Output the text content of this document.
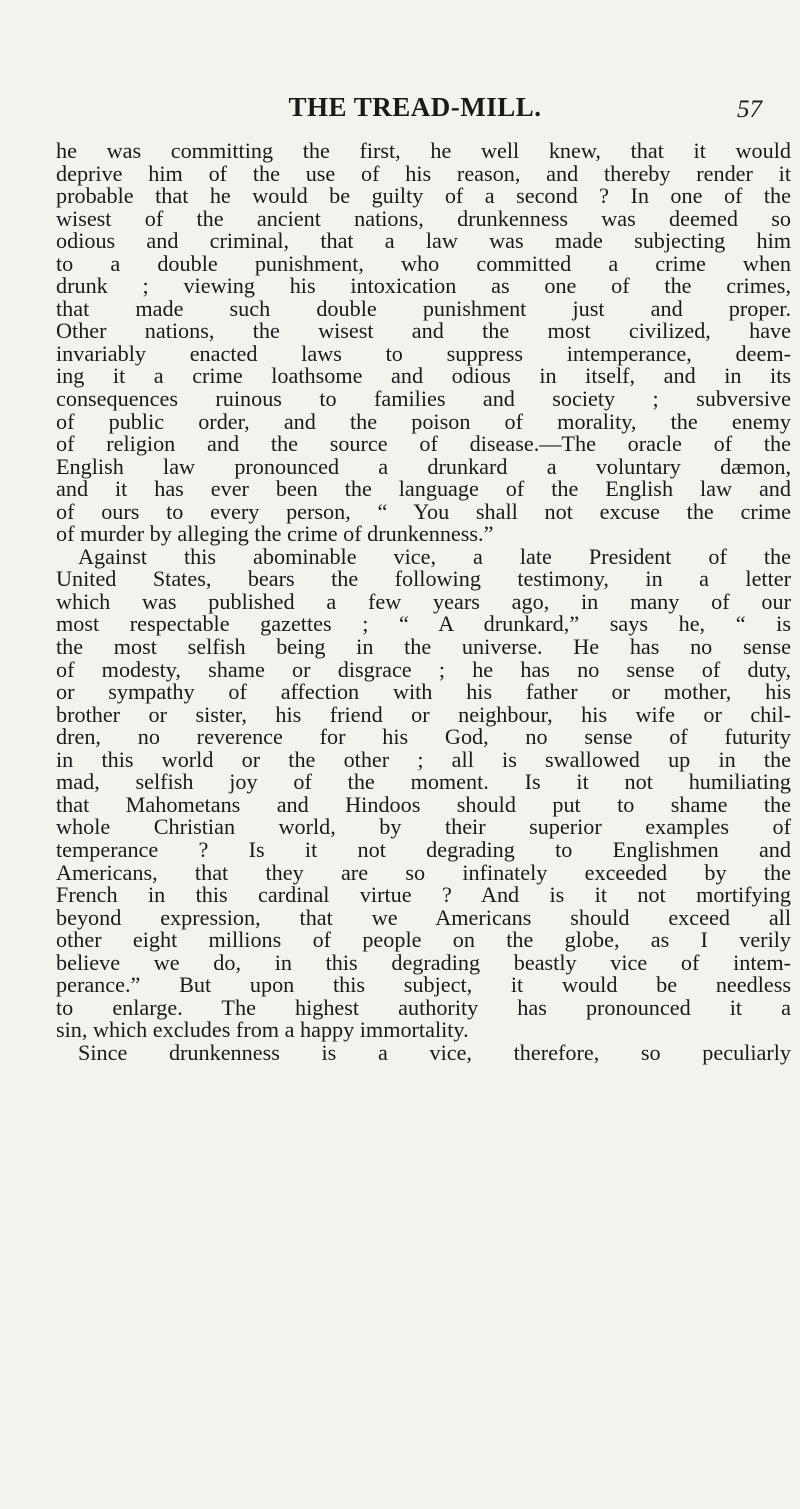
THE TREAD-MILL.	57
he was committing the first, he well knew, that it would
deprive him of the use of his reason, and thereby render it
probable that he would be guilty of a second ? In one of the
wisest of the ancient nations, drunkenness was deemed so
odious and criminal, that a law was made subjecting him
to a double punishment, who committed a crime when
drunk ; viewing his intoxication as one of the crimes,
that made such double punishment just and proper.
Other nations, the wisest and the most civilized, have
invariably enacted laws to suppress intemperance, deem-
ing it a crime loathsome and odious in itself, and in its
consequences ruinous to families and society ; subversive
of public order, and the poison of morality, the enemy
of religion and the source of disease.—The oracle of the
English law pronounced a drunkard a voluntary dæmon,
and it has ever been the language of the English law and
of ours to every person, “ You shall not excuse the crime
of murder by alleging the crime of drunkenness.”
Against this abominable vice, a late President of the
United States, bears the following testimony, in a letter
which was published a few years ago, in many of our
most respectable gazettes ; “ A drunkard,” says he, “ is
the most selfish being in the universe. He has no sense
of modesty, shame or disgrace ; he has no sense of duty,
or sympathy of affection with his father or mother, his
brother or sister, his friend or neighbour, his wife or chil-
dren, no reverence for his God, no sense of futurity
in this world or the other ; all is swallowed up in the
mad, selfish joy of the moment. Is it not humiliating
that Mahometans and Hindoos should put to shame the
whole Christian world, by their superior examples of
temperance ? Is it not degrading to Englishmen and
Americans, that they are so infinately exceeded by the
French in this cardinal virtue ? And is it not mortifying
beyond expression, that we Americans should exceed all
other eight millions of people on the globe, as I verily
believe we do, in this degrading beastly vice of intem-
perance.” But upon this subject, it would be needless
to enlarge. The highest authority has pronounced it a
sin, which excludes from a happy immortality.
Since drunkenness is a vice, therefore, so peculiarly
